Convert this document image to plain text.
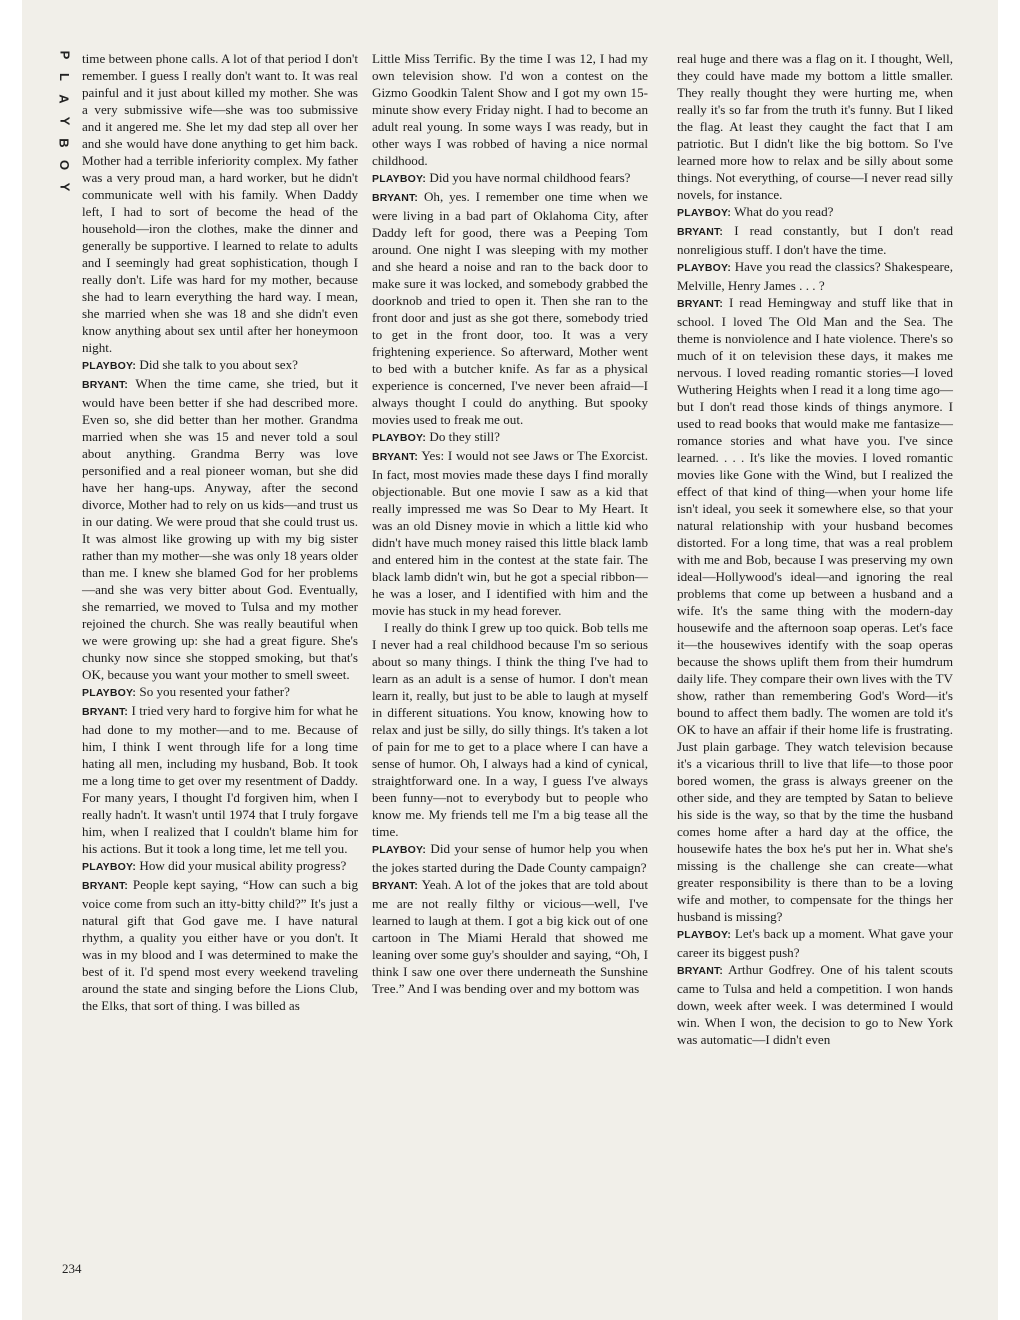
P
L
A
Y
B
O
Y

time between phone calls. A lot of that period I don't remember. I guess I really don't want to. It was real painful and it just about killed my mother. She was a very submissive wife—she was too submissive and it angered me. She let my dad step all over her and she would have done anything to get him back. Mother had a terrible inferiority complex. My father was a very proud man, a hard worker, but he didn't communicate well with his family. When Daddy left, I had to sort of become the head of the household—iron the clothes, make the dinner and generally be supportive. I learned to relate to adults and I seemingly had great sophistication, though I really don't. Life was hard for my mother, because she had to learn everything the hard way. I mean, she married when she was 18 and she didn't even know anything about sex until after her honeymoon night.

PLAYBOY: Did she talk to you about sex?

BRYANT: When the time came, she tried, but it would have been better if she had described more. Even so, she did better than her mother. Grandma married when she was 15 and never told a soul about anything. Grandma Berry was love personified and a real pioneer woman, but she did have her hang-ups. Anyway, after the second divorce, Mother had to rely on us kids—and trust us in our dating. We were proud that she could trust us. It was almost like growing up with my big sister rather than my mother—she was only 18 years older than me. I knew she blamed God for her problems—and she was very bitter about God. Eventually, she remarried, we moved to Tulsa and my mother rejoined the church. She was really beautiful when we were growing up: she had a great figure. She's chunky now since she stopped smoking, but that's OK, because you want your mother to smell sweet.

PLAYBOY: So you resented your father?

BRYANT: I tried very hard to forgive him for what he had done to my mother—and to me. Because of him, I think I went through life for a long time hating all men, including my husband, Bob. It took me a long time to get over my resentment of Daddy. For many years, I thought I'd forgiven him, when I really hadn't. It wasn't until 1974 that I truly forgave him, when I realized that I couldn't blame him for his actions. But it took a long time, let me tell you.

PLAYBOY: How did your musical ability progress?

BRYANT: People kept saying, “How can such a big voice come from such an itty-bitty child?” It's just a natural gift that God gave me. I have natural rhythm, a quality you either have or you don't. It was in my blood and I was determined to make the best of it. I'd spend most every weekend traveling around the state and singing before the Lions Club, the Elks, that sort of thing. I was billed as

Little Miss Terrific. By the time I was 12, I had my own television show. I'd won a contest on the Gizmo Goodkin Talent Show and I got my own 15-minute show every Friday night. I had to become an adult real young. In some ways I was ready, but in other ways I was robbed of having a nice normal childhood.

PLAYBOY: Did you have normal childhood fears?

BRYANT: Oh, yes. I remember one time when we were living in a bad part of Oklahoma City, after Daddy left for good, there was a Peeping Tom around. One night I was sleeping with my mother and she heard a noise and ran to the back door to make sure it was locked, and somebody grabbed the doorknob and tried to open it. Then she ran to the front door and just as she got there, somebody tried to get in the front door, too. It was a very frightening experience. So afterward, Mother went to bed with a butcher knife. As far as a physical experience is concerned, I've never been afraid—I always thought I could do anything. But spooky movies used to freak me out.

PLAYBOY: Do they still?

BRYANT: Yes: I would not see Jaws or The Exorcist. In fact, most movies made these days I find morally objectionable. But one movie I saw as a kid that really impressed me was So Dear to My Heart. It was an old Disney movie in which a little kid who didn't have much money raised this little black lamb and entered him in the contest at the state fair. The black lamb didn't win, but he got a special ribbon—he was a loser, and I identified with him and the movie has stuck in my head forever.

I really do think I grew up too quick. Bob tells me I never had a real childhood because I'm so serious about so many things. I think the thing I've had to learn as an adult is a sense of humor. I don't mean learn it, really, but just to be able to laugh at myself in different situations. You know, knowing how to relax and just be silly, do silly things. It's taken a lot of pain for me to get to a place where I can have a sense of humor. Oh, I always had a kind of cynical, straightforward one. In a way, I guess I've always been funny—not to everybody but to people who know me. My friends tell me I'm a big tease all the time.

PLAYBOY: Did your sense of humor help you when the jokes started during the Dade County campaign?

BRYANT: Yeah. A lot of the jokes that are told about me are not really filthy or vicious—well, I've learned to laugh at them. I got a big kick out of one cartoon in The Miami Herald that showed me leaning over some guy's shoulder and saying, “Oh, I think I saw one over there underneath the Sunshine Tree.” And I was bending over and my bottom was

real huge and there was a flag on it. I thought, Well, they could have made my bottom a little smaller. They really thought they were hurting me, when really it's so far from the truth it's funny. But I liked the flag. At least they caught the fact that I am patriotic. But I didn't like the big bottom. So I've learned more how to relax and be silly about some things. Not everything, of course—I never read silly novels, for instance.

PLAYBOY: What do you read?

BRYANT: I read constantly, but I don't read nonreligious stuff. I don't have the time.

PLAYBOY: Have you read the classics? Shakespeare, Melville, Henry James . . . ?

BRYANT: I read Hemingway and stuff like that in school. I loved The Old Man and the Sea. The theme is nonviolence and I hate violence. There's so much of it on television these days, it makes me nervous. I loved reading romantic stories—I loved Wuthering Heights when I read it a long time ago—but I don't read those kinds of things anymore. I used to read books that would make me fantasize—romance stories and what have you. I've since learned. . . . It's like the movies. I loved romantic movies like Gone with the Wind, but I realized the effect of that kind of thing—when your home life isn't ideal, you seek it somewhere else, so that your natural relationship with your husband becomes distorted. For a long time, that was a real problem with me and Bob, because I was preserving my own ideal—Hollywood's ideal—and ignoring the real problems that come up between a husband and a wife. It's the same thing with the modern-day housewife and the afternoon soap operas. Let's face it—the housewives identify with the soap operas because the shows uplift them from their humdrum daily life. They compare their own lives with the TV show, rather than remembering God's Word—it's bound to affect them badly. The women are told it's OK to have an affair if their home life is frustrating. Just plain garbage. They watch television because it's a vicarious thrill to live that life—to those poor bored women, the grass is always greener on the other side, and they are tempted by Satan to believe his side is the way, so that by the time the husband comes home after a hard day at the office, the housewife hates the box he's put her in. What she's missing is the challenge she can create—what greater responsibility is there than to be a loving wife and mother, to compensate for the things her husband is missing?

PLAYBOY: Let's back up a moment. What gave your career its biggest push?

BRYANT: Arthur Godfrey. One of his talent scouts came to Tulsa and held a competition. I won hands down, week after week. I was determined I would win. When I won, the decision to go to New York was automatic—I didn't even

234
